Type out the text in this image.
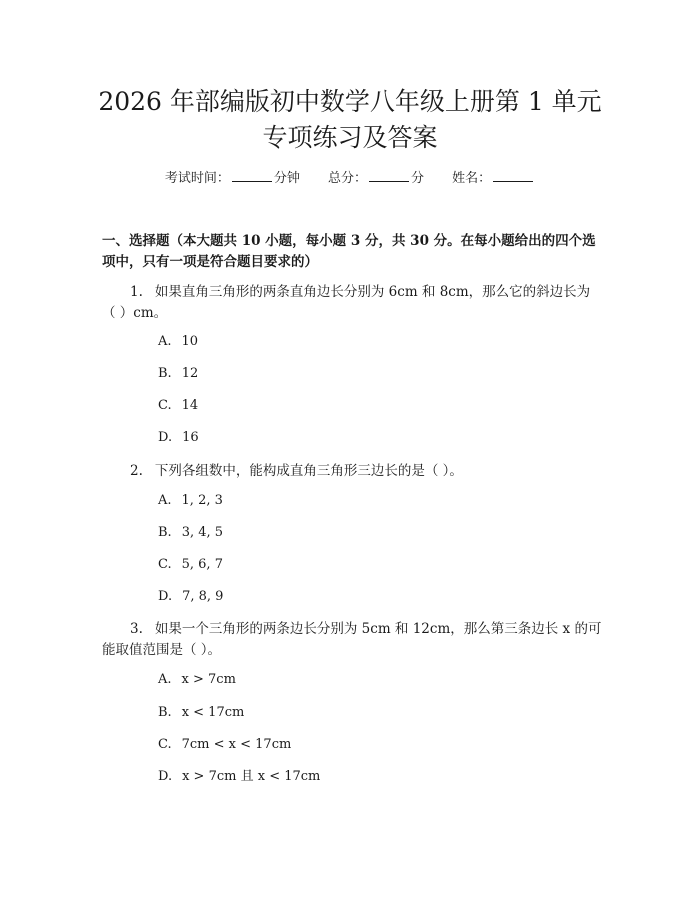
2026 年部编版初中数学八年级上册第 1 单元
专项练习及答案
考试时间：	分钟 总分：	分 姓名：

一、选择题（本大题共 10 小题，每小题 3 分，共 30 分。在每小题给出的四个选项中，只有一项是符合题目要求的）

1. 如果直角三角形的两条直角边长分别为 6cm 和 8cm，那么它的斜边长为（ ）cm。

A. 10

B. 12

C. 14

D. 16

2. 下列各组数中，能构成直角三角形三边长的是（ ）。

A. 1, 2, 3

B. 3, 4, 5

C. 5, 6, 7

D. 7, 8, 9

3. 如果一个三角形的两条边长分别为 5cm 和 12cm，那么第三条边长 x 的可能取值范围是（ ）。

A. x > 7cm

B. x < 17cm

C. 7cm < x < 17cm

D. x > 7cm 且 x < 17cm
